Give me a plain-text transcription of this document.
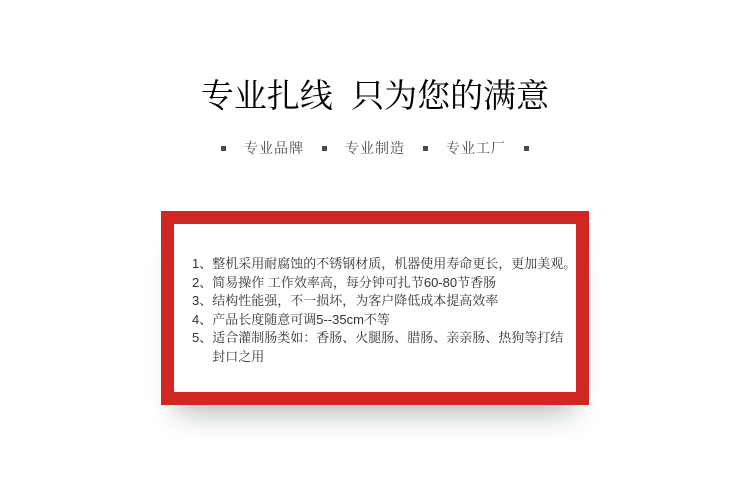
专业扎线  只为您的满意
专业品牌	专业制造	专业工厂
1、 整机采用耐腐蚀的不锈钢材质，机器使用寿命更长，更加美观。
2、 简易操作 工作效率高，每分钟可扎节60-80节香肠
3、 结构性能强，不一损坏，为客户降低成本提高效率
4、 产品长度随意可调5--35cm不等
5、 适合灌制肠类如：香肠、火腿肠、腊肠、亲亲肠、热狗等打结
封口之用
